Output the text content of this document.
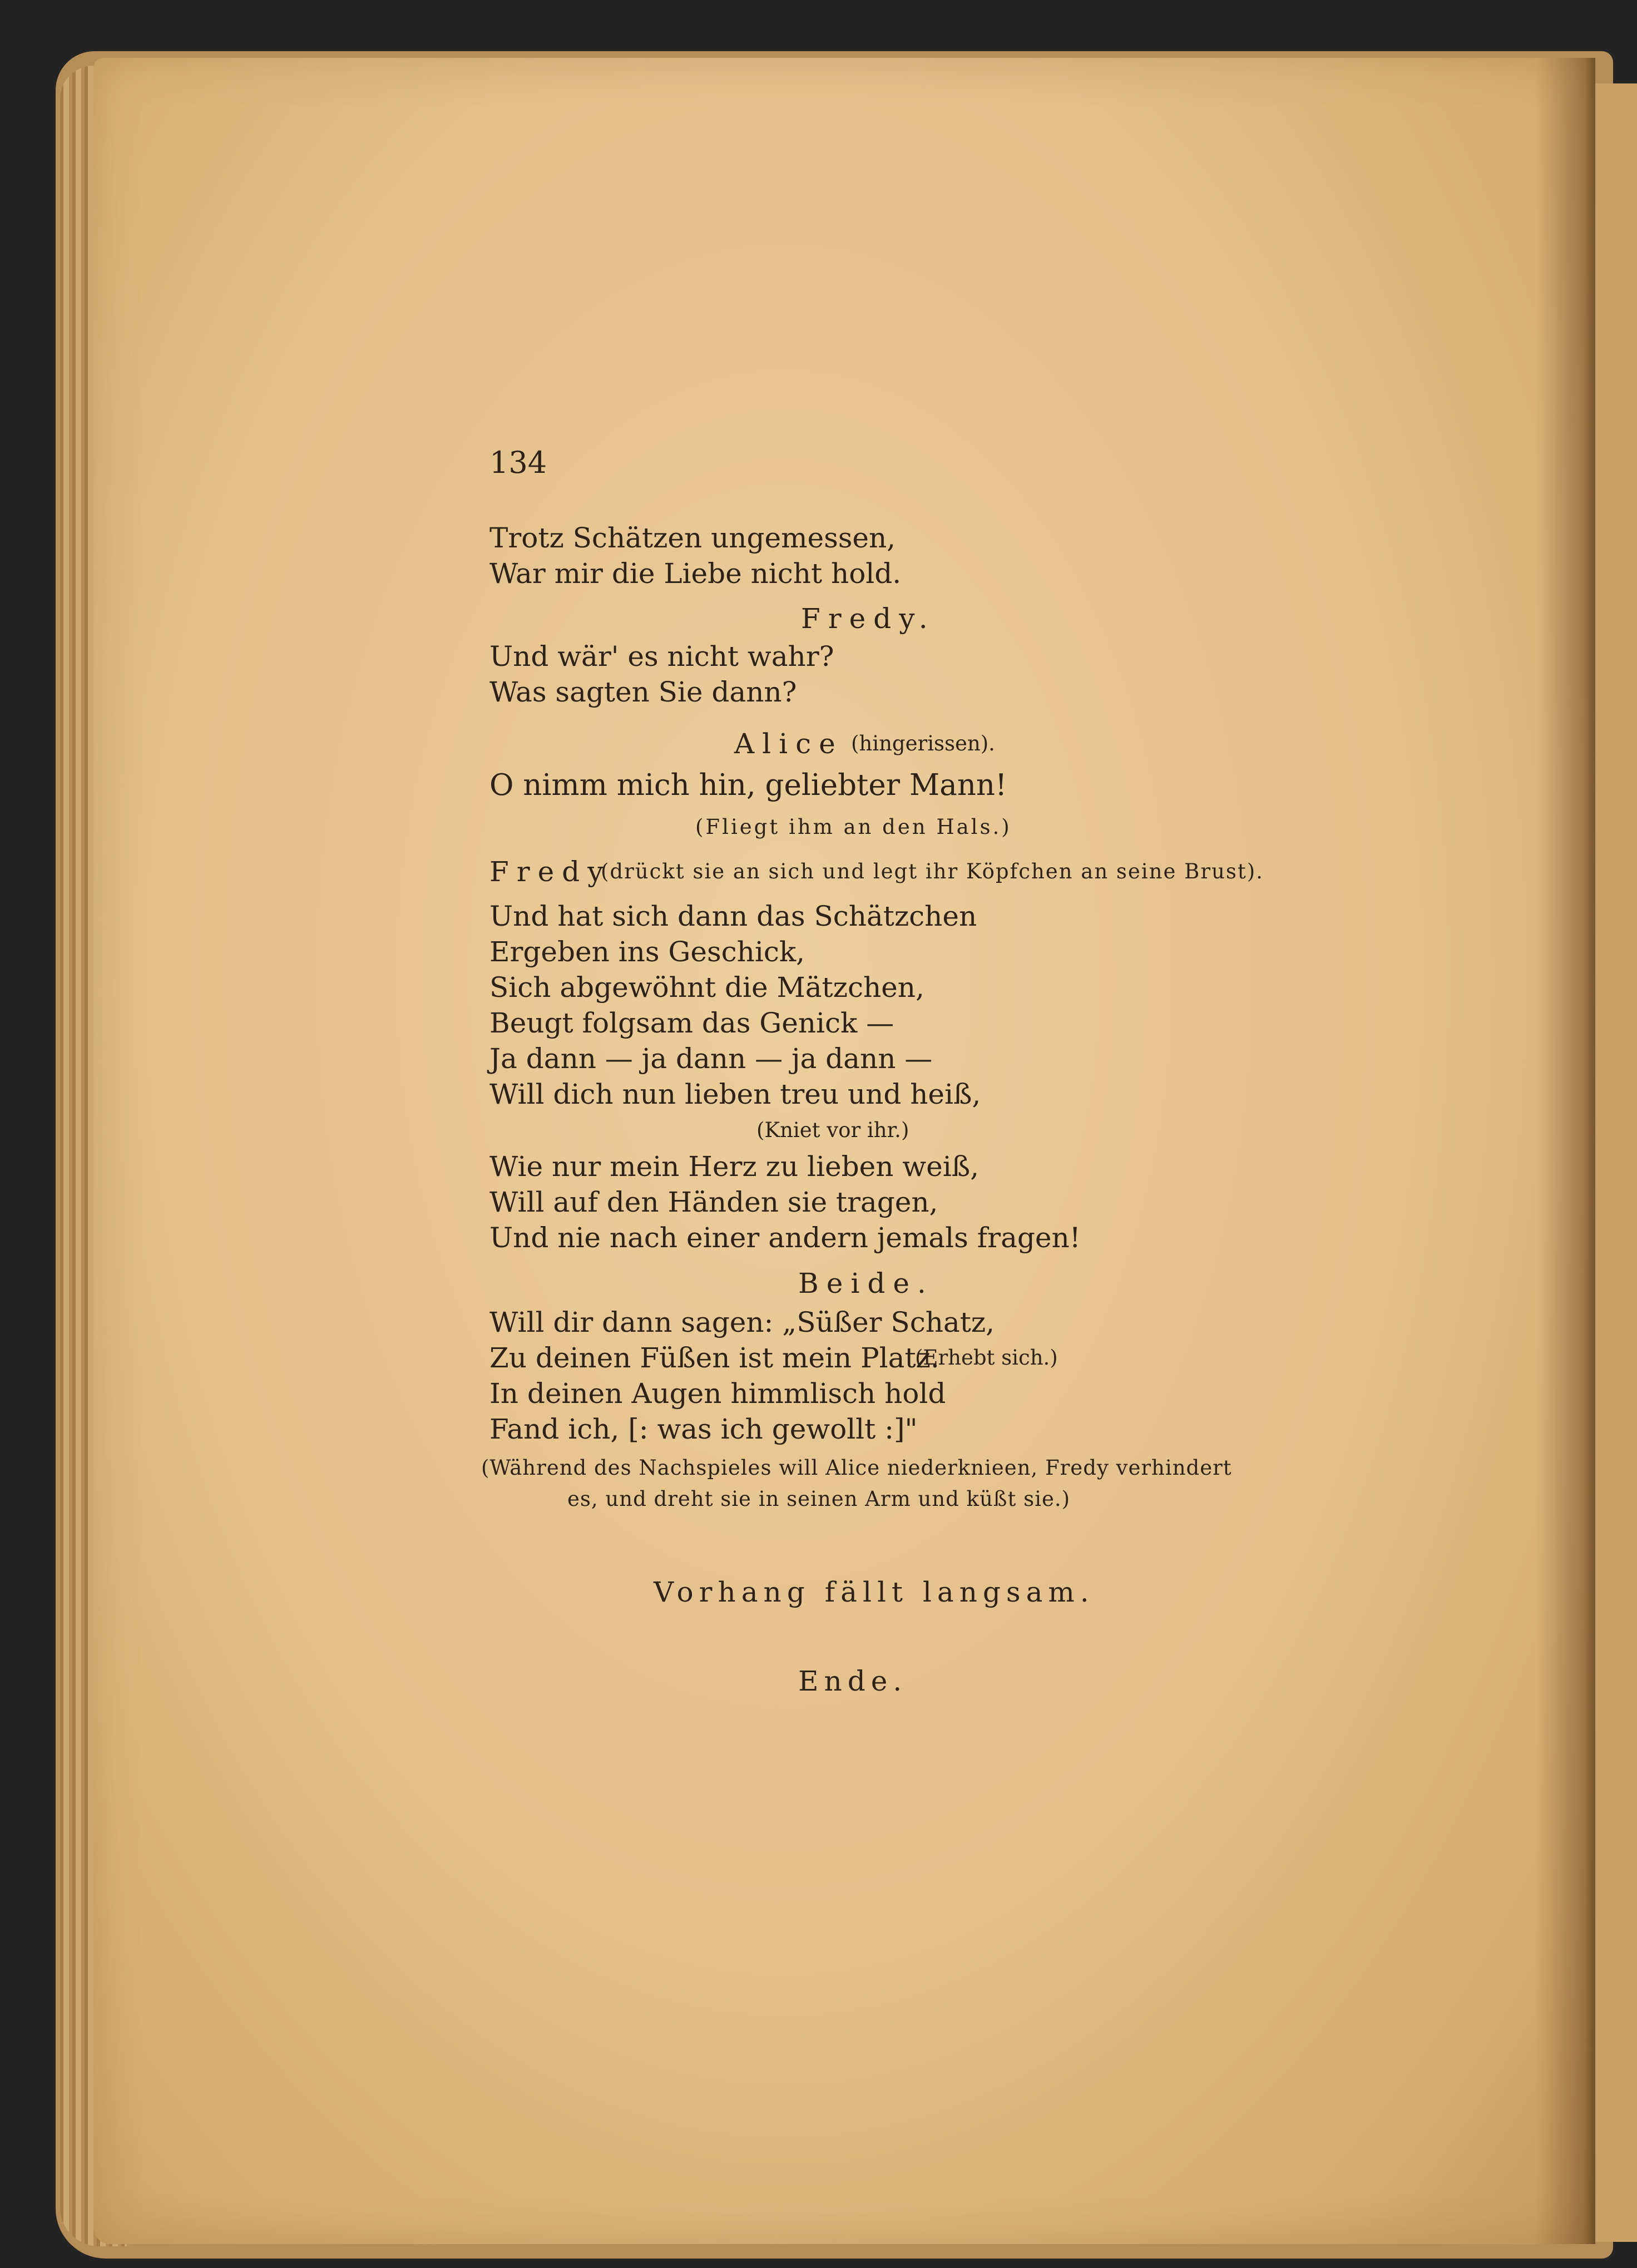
134
Trotz Schätzen ungemessen,
War mir die Liebe nicht hold.
Fredy.
Und wär' es nicht wahr?
Was sagten Sie dann?
Alice (hingerissen).
O nimm mich hin, geliebter Mann!
(Fliegt ihm an den Hals.)
Fredy
(drückt sie an sich und legt ihr Köpfchen an seine Brust).
Und hat sich dann das Schätzchen
Ergeben ins Geschick,
Sich abgewöhnt die Mätzchen,
Beugt folgsam das Genick —
Ja dann — ja dann — ja dann —
Will dich nun lieben treu und heiß,
(Kniet vor ihr.)
Wie nur mein Herz zu lieben weiß,
Will auf den Händen sie tragen,
Und nie nach einer andern jemals fragen!
Beide.
Will dir dann sagen: „Süßer Schatz,
Zu deinen Füßen ist mein Platz.
(Erhebt sich.)
In deinen Augen himmlisch hold
Fand ich, [: was ich gewollt :]"
(Während des Nachspieles will Alice niederknieen, Fredy verhindert
es, und dreht sie in seinen Arm und küßt sie.)
Vorhang fällt langsam.
Ende.
